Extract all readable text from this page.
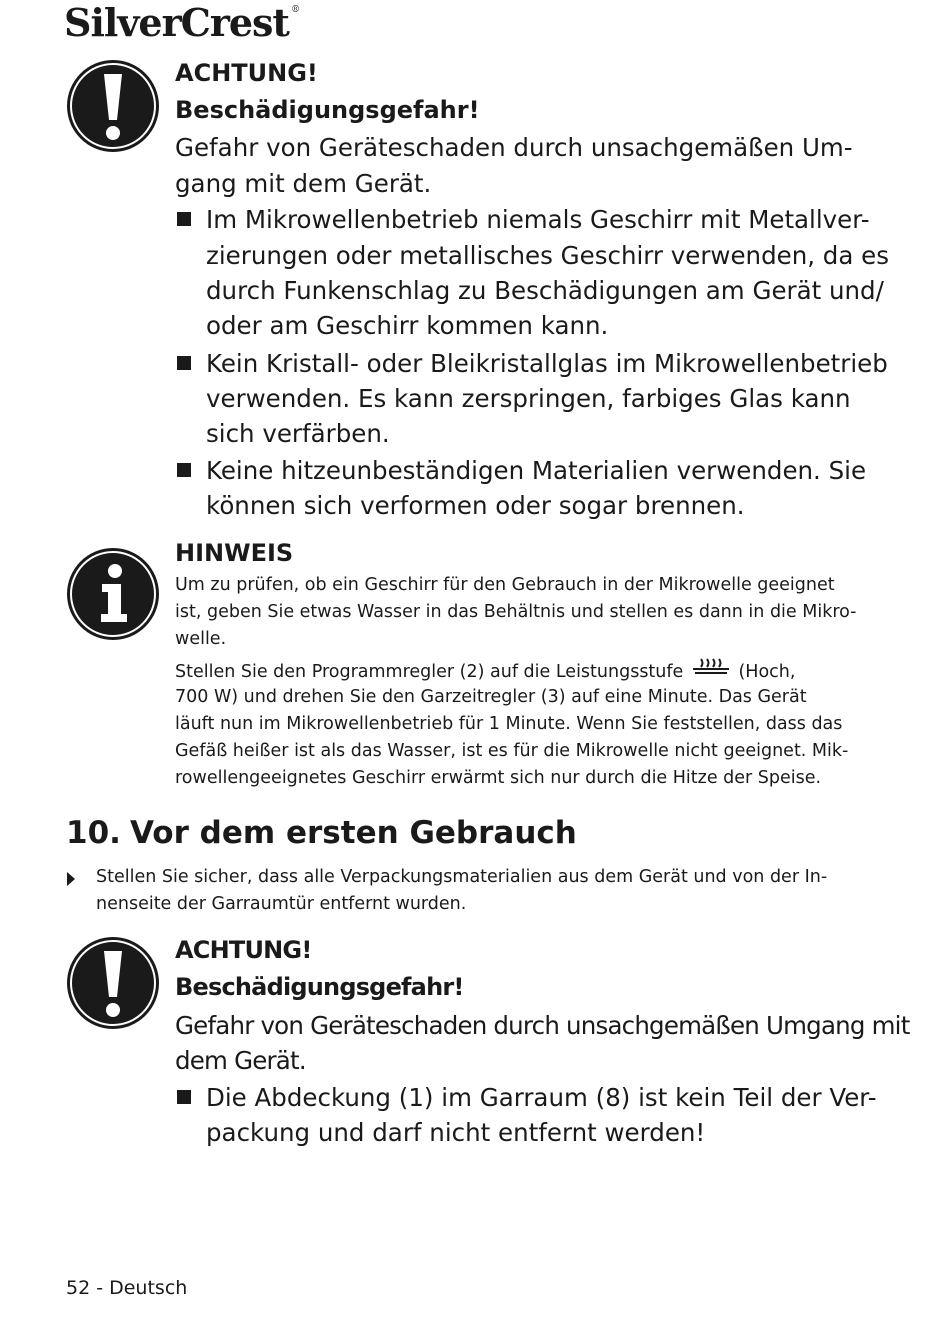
SilverCrest ®
ACHTUNG!
Beschädigungsgefahr!
Gefahr von Geräteschaden durch unsachgemäßen Um-
gang mit dem Gerät.
Im Mikrowellenbetrieb niemals Geschirr mit Metallver-
zierungen oder metallisches Geschirr verwenden, da es
durch Funkenschlag zu Beschädigungen am Gerät und/
oder am Geschirr kommen kann.
Kein Kristall- oder Bleikristallglas im Mikrowellenbetrieb
verwenden. Es kann zerspringen, farbiges Glas kann
sich verfärben.
Keine hitzeunbeständigen Materialien verwenden. Sie
können sich verformen oder sogar brennen.
HINWEIS
Um zu prüfen, ob ein Geschirr für den Gebrauch in der Mikrowelle geeignet
ist, geben Sie etwas Wasser in das Behältnis und stellen es dann in die Mikro-
welle.
Stellen Sie den Programmregler (2) auf die Leistungsstufe	(Hoch,
700 W) und drehen Sie den Garzeitregler (3) auf eine Minute. Das Gerät
läuft nun im Mikrowellenbetrieb für 1 Minute. Wenn Sie feststellen, dass das
Gefäß heißer ist als das Wasser, ist es für die Mikrowelle nicht geeignet. Mik-
rowellengeeignetes Geschirr erwärmt sich nur durch die Hitze der Speise.
10. Vor dem ersten Gebrauch
Stellen Sie sicher, dass alle Verpackungsmaterialien aus dem Gerät und von der In-
nenseite der Garraumtür entfernt wurden.
ACHTUNG!
Beschädigungsgefahr!
Gefahr von Geräteschaden durch unsachgemäßen Umgang mit
dem Gerät.
Die Abdeckung (1) im Garraum (8) ist kein Teil der Ver-
packung und darf nicht entfernt werden!
52 - Deutsch
